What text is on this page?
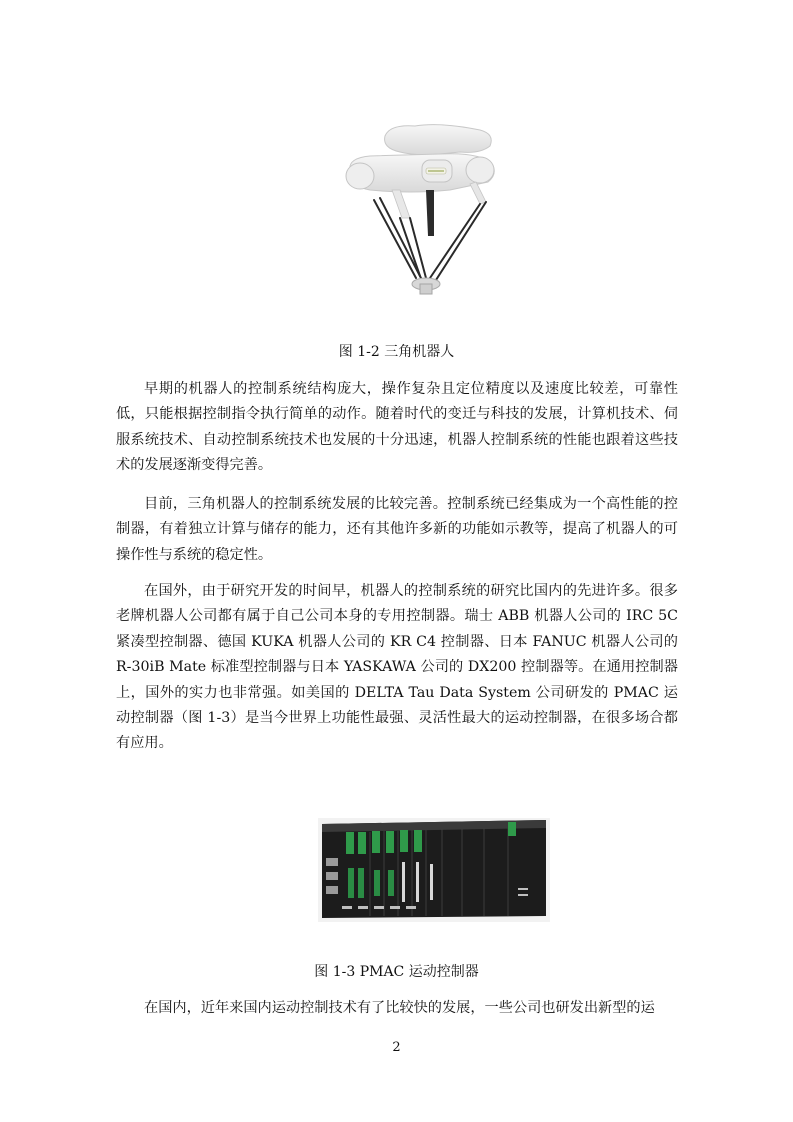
图 1-2 三角机器人

早期的机器人的控制系统结构庞大，操作复杂且定位精度以及速度比较差，可靠性低，只能根据控制指令执行简单的动作。随着时代的变迁与科技的发展，计算机技术、伺服系统技术、自动控制系统技术也发展的十分迅速，机器人控制系统的性能也跟着这些技术的发展逐渐变得完善。

目前，三角机器人的控制系统发展的比较完善。控制系统已经集成为一个高性能的控制器，有着独立计算与储存的能力，还有其他许多新的功能如示教等，提高了机器人的可操作性与系统的稳定性。

在国外，由于研究开发的时间早，机器人的控制系统的研究比国内的先进许多。很多老牌机器人公司都有属于自己公司本身的专用控制器。瑞士 ABB 机器人公司的 IRC 5C 紧凑型控制器、德国 KUKA 机器人公司的 KR C4 控制器、日本 FANUC 机器人公司的 R-30iB Mate 标准型控制器与日本 YASKAWA 公司的 DX200 控制器等。在通用控制器上，国外的实力也非常强。如美国的 DELTA Tau Data System 公司研发的 PMAC 运动控制器（图 1-3）是当今世界上功能性最强、灵活性最大的运动控制器，在很多场合都有应用。

图 1-3 PMAC 运动控制器

在国内，近年来国内运动控制技术有了比较快的发展，一些公司也研发出新型的运

2
